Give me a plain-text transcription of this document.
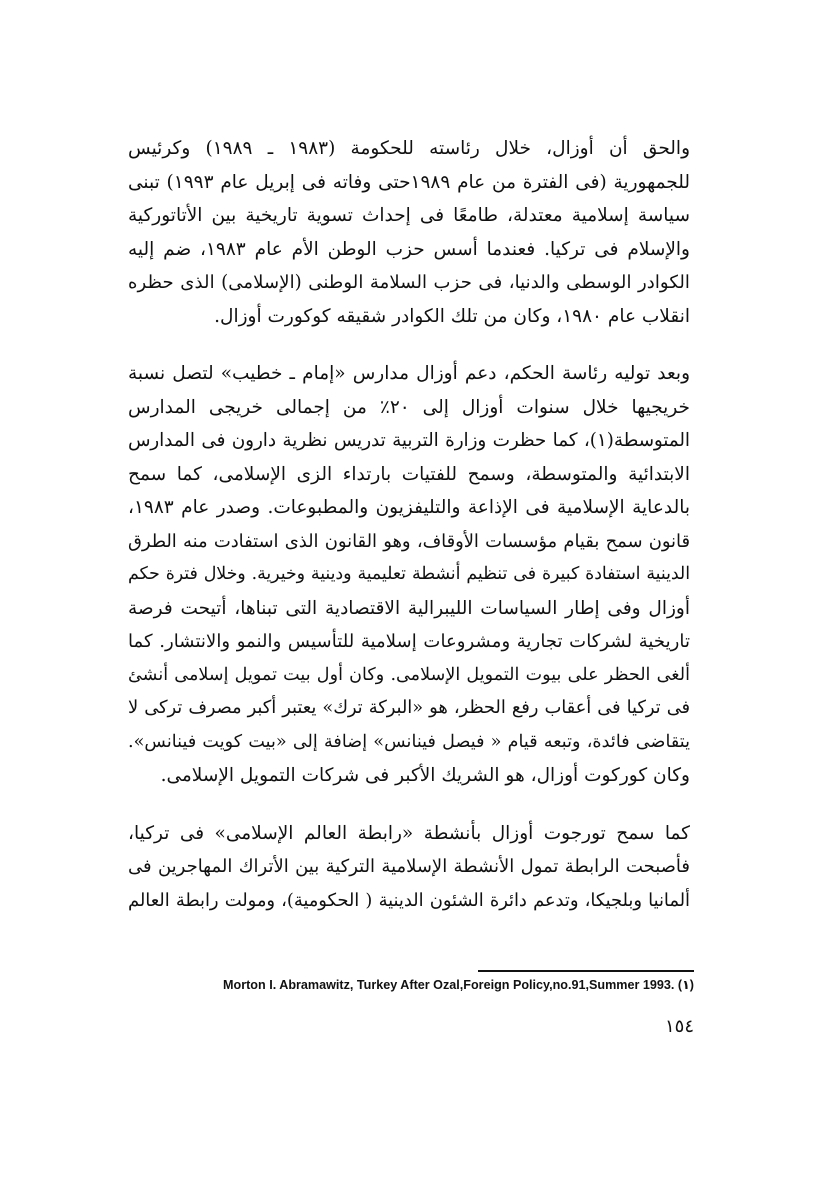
والحق أن أوزال، خلال رئاسته للحكومة (١٩٨٣ ـ ١٩٨٩) وكرئيس
للجمهورية (فى الفترة من عام ١٩٨٩حتى وفاته فى إبريل عام ١٩٩٣) تبنى
سياسة إسلامية معتدلة، طامعًا فى إحداث تسوية تاريخية بين الأتاتوركية
والإسلام فى تركيا. فعندما أسس حزب الوطن الأم عام ١٩٨٣، ضم إليه
الكوادر الوسطى والدنيا، فى حزب السلامة الوطنى (الإسلامى) الذى حظره
انقلاب عام ١٩٨٠، وكان من تلك الكوادر شقيقه كوكورت أوزال.

وبعد توليه رئاسة الحكم، دعم أوزال مدارس «إمام ـ خطيب» لتصل نسبة
خريجيها خلال سنوات أوزال إلى ٢٠٪ من إجمالى خريجى المدارس
المتوسطة(١)، كما حظرت وزارة التربية تدريس نظرية دارون فى المدارس
الابتدائية والمتوسطة، وسمح للفتيات بارتداء الزى الإسلامى، كما سمح
بالدعاية الإسلامية فى الإذاعة والتليفزيون والمطبوعات. وصدر عام ١٩٨٣،
قانون سمح بقيام مؤسسات الأوقاف، وهو القانون الذى استفادت منه الطرق
الدينية استفادة كبيرة فى تنظيم أنشطة تعليمية ودينية وخيرية. وخلال فترة حكم
أوزال وفى إطار السياسات الليبرالية الاقتصادية التى تبناها، أتيحت فرصة
تاريخية لشركات تجارية ومشروعات إسلامية للتأسيس والنمو والانتشار. كما
ألغى الحظر على بيوت التمويل الإسلامى. وكان أول بيت تمويل إسلامى أنشئ
فى تركيا فى أعقاب رفع الحظر، هو «البركة ترك» يعتبر أكبر مصرف تركى لا
يتقاضى فائدة، وتبعه قيام « فيصل فينانس» إضافة إلى «بيت كويت فينانس».
وكان كوركوت أوزال، هو الشريك الأكبر فى شركات التمويل الإسلامى.

كما سمح تورجوت أوزال بأنشطة «رابطة العالم الإسلامى» فى تركيا،
فأصبحت الرابطة تمول الأنشطة الإسلامية التركية بين الأتراك المهاجرين فى
ألمانيا وبلجيكا، وتدعم دائرة الشئون الدينية ( الحكومية)، ومولت رابطة العالم

Morton I. Abramawitz, Turkey After Ozal,Foreign Policy,no.91,Summer 1993. (١)
١٥٤
